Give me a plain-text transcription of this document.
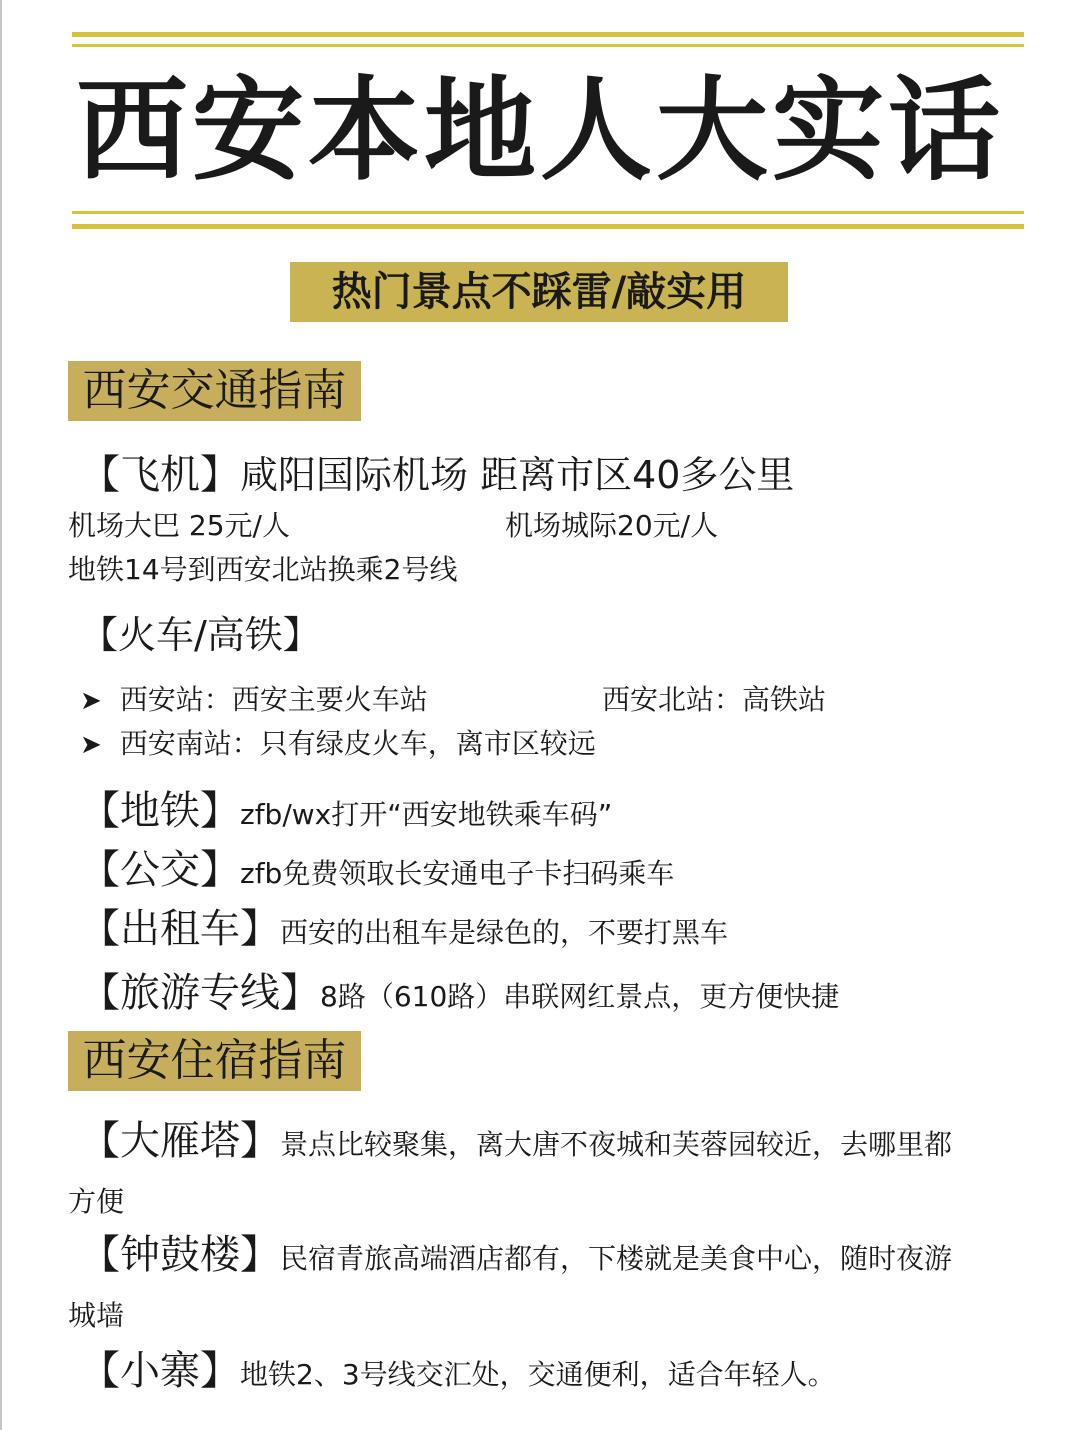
西安本地人大实话
热门景点不踩雷/敲实用
西安交通指南
【飞机】咸阳国际机场 距离市区40多公里
机场大巴 25元/人	机场城际20元/人
地铁14号到西安北站换乘2号线
【火车/高铁】
➤ 西安站：西安主要火车站	西安北站：高铁站
➤ 西安南站：只有绿皮火车，离市区较远
【地铁】zfb/wx打开“西安地铁乘车码”
【公交】zfb免费领取长安通电子卡扫码乘车
【出租车】西安的出租车是绿色的，不要打黑车
【旅游专线】8路（610路）串联网红景点，更方便快捷
西安住宿指南
【大雁塔】景点比较聚集，离大唐不夜城和芙蓉园较近，去哪里都
方便
【钟鼓楼】民宿青旅高端酒店都有，下楼就是美食中心，随时夜游
城墙
【小寨】地铁2、3号线交汇处，交通便利，适合年轻人。
